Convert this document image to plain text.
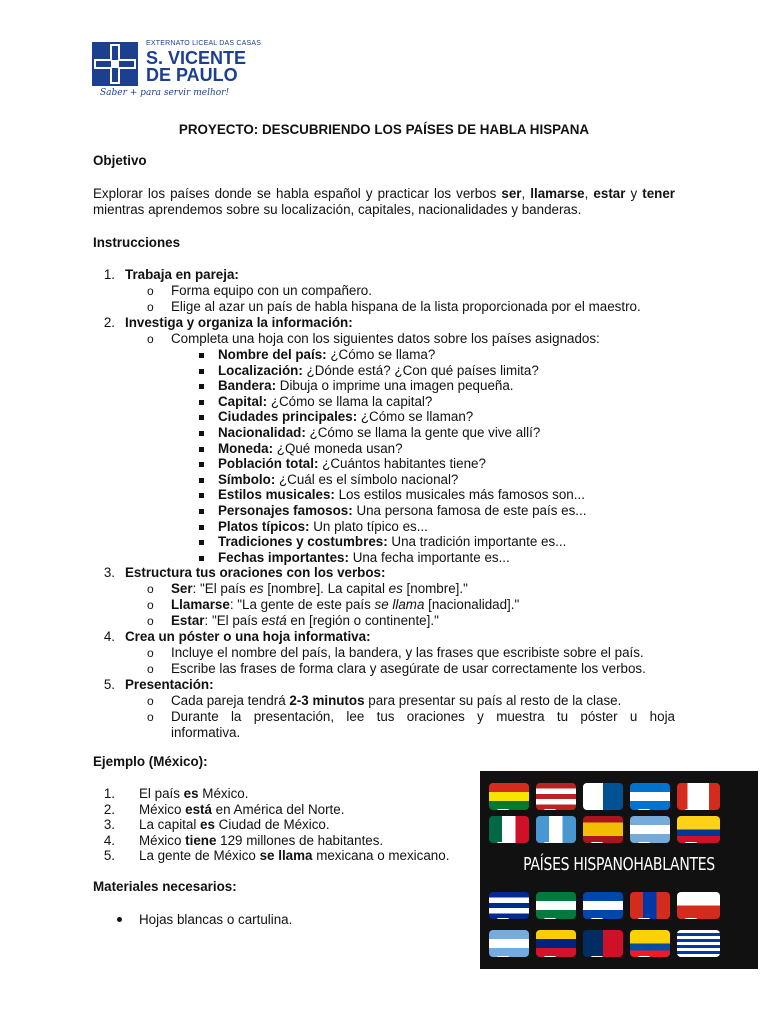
EXTERNATO LICEAL DAS CASAS
S. VICENTE
DE PAULO
Saber + para servir melhor!
PROYECTO: DESCUBRIENDO LOS PAÍSES DE HABLA HISPANA
Objetivo
Explorar los países donde se habla español y practicar los verbos ser, llamarse, estar y tener mientras aprendemos sobre su localización, capitales, nacionalidades y banderas.
Instrucciones
1. Trabaja en pareja:
o Forma equipo con un compañero.
o Elige al azar un país de habla hispana de la lista proporcionada por el maestro.
2. Investiga y organiza la información:
o Completa una hoja con los siguientes datos sobre los países asignados:
Nombre del país: ¿Cómo se llama?
Localización: ¿Dónde está? ¿Con qué países limita?
Bandera: Dibuja o imprime una imagen pequeña.
Capital: ¿Cómo se llama la capital?
Ciudades principales: ¿Cómo se llaman?
Nacionalidad: ¿Cómo se llama la gente que vive allí?
Moneda: ¿Qué moneda usan?
Población total: ¿Cuántos habitantes tiene?
Símbolo: ¿Cuál es el símbolo nacional?
Estilos musicales: Los estilos musicales más famosos son...
Personajes famosos: Una persona famosa de este país es...
Platos típicos: Un plato típico es...
Tradiciones y costumbres: Una tradición importante es...
Fechas importantes: Una fecha importante es...
3. Estructura tus oraciones con los verbos:
o Ser: "El país es [nombre]. La capital es [nombre]."
o Llamarse: "La gente de este país se llama [nacionalidad]."
o Estar: "El país está en [región o continente]."
4. Crea un póster o una hoja informativa:
o Incluye el nombre del país, la bandera, y las frases que escribiste sobre el país.
o Escribe las frases de forma clara y asegúrate de usar correctamente los verbos.
5. Presentación:
o Cada pareja tendrá 2-3 minutos para presentar su país al resto de la clase.
o Durante la presentación, lee tus oraciones y muestra tu póster u hoja
informativa.
Ejemplo (México):
1. El país es México.
2. México está en América del Norte.
3. La capital es Ciudad de México.
4. México tiene 129 millones de habitantes.
5. La gente de México se llama mexicana o mexicano.
Materiales necesarios:
Hojas blancas o cartulina.
PAÍSES HISPANOHABLANTES
